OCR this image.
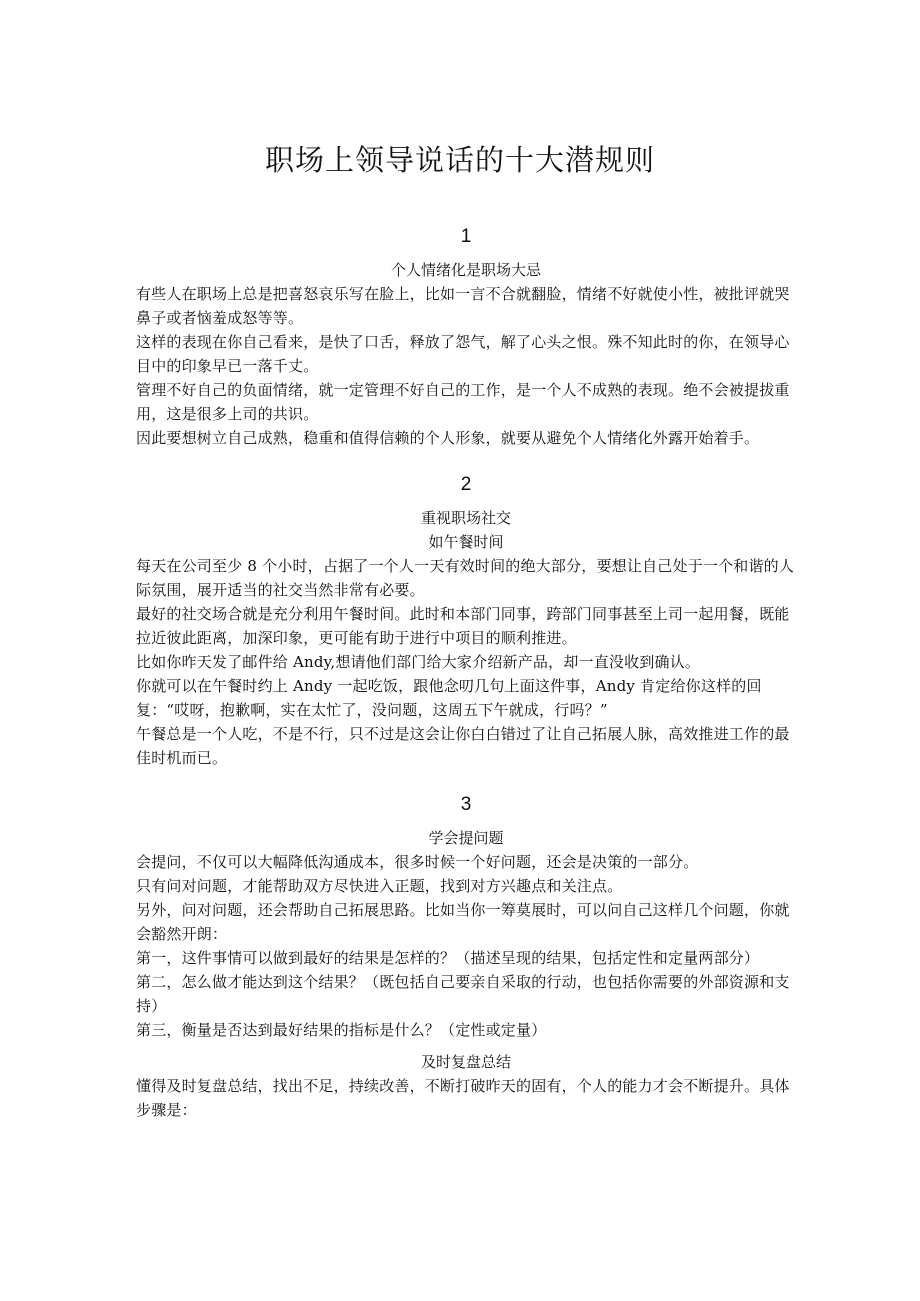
职场上领导说话的十大潜规则
1
个人情绪化是职场大忌

有些人在职场上总是把喜怒哀乐写在脸上，比如一言不合就翻脸，情绪不好就使小性，被批评就哭鼻子或者恼羞成怒等等。

这样的表现在你自己看来，是快了口舌，释放了怨气，解了心头之恨。殊不知此时的你，在领导心目中的印象早已一落千丈。

管理不好自己的负面情绪，就一定管理不好自己的工作，是一个人不成熟的表现。绝不会被提拔重用，这是很多上司的共识。

因此要想树立自己成熟，稳重和值得信赖的个人形象，就要从避免个人情绪化外露开始着手。

2
重视职场社交
如午餐时间

每天在公司至少 8 个小时，占据了一个人一天有效时间的绝大部分，要想让自己处于一个和谐的人际氛围，展开适当的社交当然非常有必要。

最好的社交场合就是充分利用午餐时间。此时和本部门同事，跨部门同事甚至上司一起用餐，既能拉近彼此距离，加深印象，更可能有助于进行中项目的顺利推进。

比如你昨天发了邮件给 Andy,想请他们部门给大家介绍新产品，却一直没收到确认。

你就可以在午餐时约上 Andy 一起吃饭，跟他念叨几句上面这件事，Andy 肯定给你这样的回复：“哎呀，抱歉啊，实在太忙了，没问题，这周五下午就成，行吗？”

午餐总是一个人吃，不是不行，只不过是这会让你白白错过了让自己拓展人脉，高效推进工作的最佳时机而已。

3
学会提问题

会提问，不仅可以大幅降低沟通成本，很多时候一个好问题，还会是决策的一部分。

只有问对问题，才能帮助双方尽快进入正题，找到对方兴趣点和关注点。

另外，问对问题，还会帮助自己拓展思路。比如当你一筹莫展时，可以问自己这样几个问题，你就会豁然开朗：

第一，这件事情可以做到最好的结果是怎样的？（描述呈现的结果，包括定性和定量两部分）

第二，怎么做才能达到这个结果？（既包括自己要亲自采取的行动，也包括你需要的外部资源和支持）

第三，衡量是否达到最好结果的指标是什么？（定性或定量）

及时复盘总结

懂得及时复盘总结，找出不足，持续改善，不断打破昨天的固有，个人的能力才会不断提升。具体步骤是：
